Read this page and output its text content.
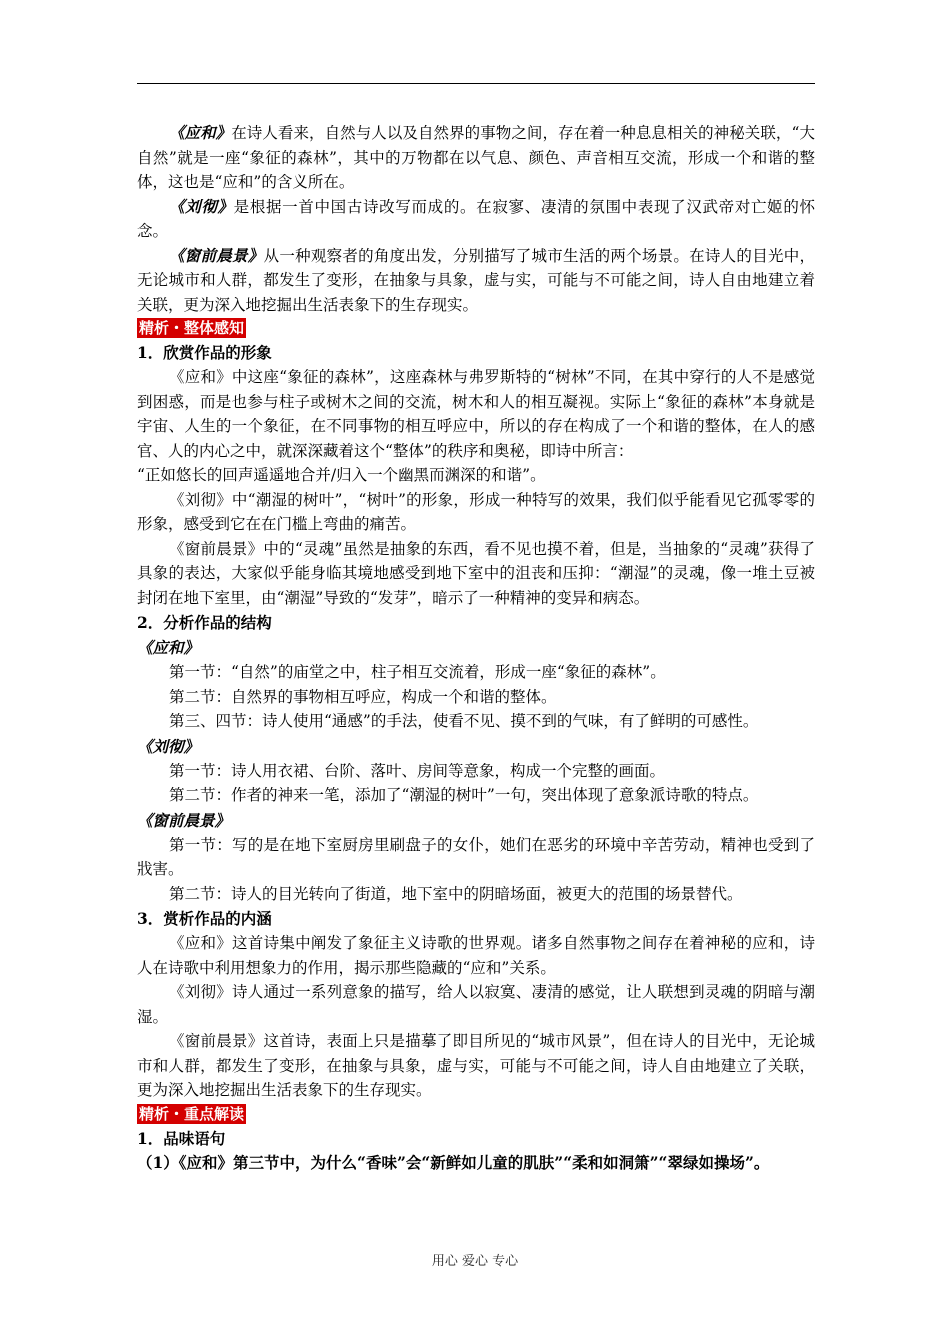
《应和》在诗人看来，自然与人以及自然界的事物之间，存在着一种息息相关的神秘关联，“大自然”就是一座“象征的森林”，其中的万物都在以气息、颜色、声音相互交流，形成一个和谐的整体，这也是“应和”的含义所在。

《刘彻》是根据一首中国古诗改写而成的。在寂寥、凄清的氛围中表现了汉武帝对亡姬的怀念。

《窗前晨景》从一种观察者的角度出发，分别描写了城市生活的两个场景。在诗人的目光中，无论城市和人群，都发生了变形，在抽象与具象，虚与实，可能与不可能之间，诗人自由地建立着关联，更为深入地挖掘出生活表象下的生存现实。

精析・整体感知

1．欣赏作品的形象

《应和》中这座“象征的森林”，这座森林与弗罗斯特的“树林”不同，在其中穿行的人不是感觉到困惑，而是也参与柱子或树木之间的交流，树木和人的相互凝视。实际上“象征的森林”本身就是宇宙、人生的一个象征，在不同事物的相互呼应中，所以的存在构成了一个和谐的整体，在人的感官、人的内心之中，就深深藏着这个“整体”的秩序和奥秘，即诗中所言：

“正如悠长的回声遥遥地合并/归入一个幽黑而渊深的和谐”。

《刘彻》中“潮湿的树叶”，“树叶”的形象，形成一种特写的效果，我们似乎能看见它孤零零的形象，感受到它在在门槛上弯曲的痛苦。

《窗前晨景》中的“灵魂”虽然是抽象的东西，看不见也摸不着，但是，当抽象的“灵魂”获得了具象的表达，大家似乎能身临其境地感受到地下室中的沮丧和压抑：“潮湿”的灵魂，像一堆土豆被封闭在地下室里，由“潮湿”导致的“发芽”，暗示了一种精神的变异和病态。

2．分析作品的结构

《应和》

第一节：“自然”的庙堂之中，柱子相互交流着，形成一座“象征的森林”。

第二节：自然界的事物相互呼应，构成一个和谐的整体。

第三、四节：诗人使用“通感”的手法，使看不见、摸不到的气味，有了鲜明的可感性。

《刘彻》

第一节：诗人用衣裙、台阶、落叶、房间等意象，构成一个完整的画面。

第二节：作者的神来一笔，添加了“潮湿的树叶”一句，突出体现了意象派诗歌的特点。

《窗前晨景》

第一节：写的是在地下室厨房里刷盘子的女仆，她们在恶劣的环境中辛苦劳动，精神也受到了戕害。

第二节：诗人的目光转向了街道，地下室中的阴暗场面，被更大的范围的场景替代。

3．赏析作品的内涵

《应和》这首诗集中阐发了象征主义诗歌的世界观。诸多自然事物之间存在着神秘的应和，诗人在诗歌中利用想象力的作用，揭示那些隐藏的“应和”关系。

《刘彻》诗人通过一系列意象的描写，给人以寂寞、凄清的感觉，让人联想到灵魂的阴暗与潮湿。

《窗前晨景》这首诗，表面上只是描摹了即目所见的“城市风景”，但在诗人的目光中，无论城市和人群，都发生了变形，在抽象与具象，虚与实，可能与不可能之间，诗人自由地建立了关联，更为深入地挖掘出生活表象下的生存现实。

精析・重点解读

1．品味语句

（1）《应和》第三节中，为什么“香味”会“新鲜如儿童的肌肤”“柔和如洞箫”“翠绿如操场”。

用心 爱心 专心
